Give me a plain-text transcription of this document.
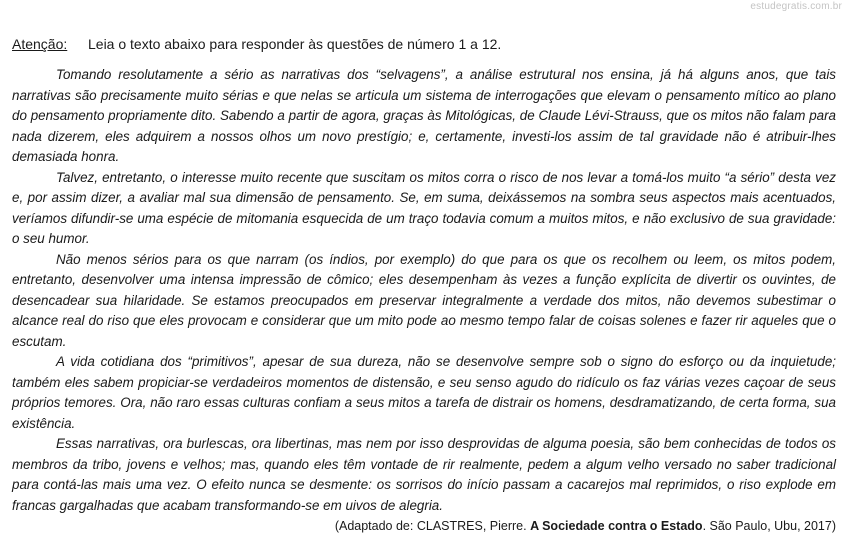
estudegratis.com.br
Atenção: Leia o texto abaixo para responder às questões de número 1 a 12.

Tomando resolutamente a sério as narrativas dos “selvagens”, a análise estrutural nos ensina, já há alguns anos, que tais narrativas são precisamente muito sérias e que nelas se articula um sistema de interrogações que elevam o pensamento mítico ao plano do pensamento propriamente dito. Sabendo a partir de agora, graças às Mitológicas, de Claude Lévi-Strauss, que os mitos não falam para nada dizerem, eles adquirem a nossos olhos um novo prestígio; e, certamente, investi-los assim de tal gravidade não é atribuir-lhes demasiada honra.

Talvez, entretanto, o interesse muito recente que suscitam os mitos corra o risco de nos levar a tomá-los muito “a sério” desta vez e, por assim dizer, a avaliar mal sua dimensão de pensamento. Se, em suma, deixássemos na sombra seus aspectos mais acentuados, veríamos difundir-se uma espécie de mitomania esquecida de um traço todavia comum a muitos mitos, e não exclusivo de sua gravidade: o seu humor.

Não menos sérios para os que narram (os índios, por exemplo) do que para os que os recolhem ou leem, os mitos podem, entretanto, desenvolver uma intensa impressão de cômico; eles desempenham às vezes a função explícita de divertir os ouvintes, de desencadear sua hilaridade. Se estamos preocupados em preservar integralmente a verdade dos mitos, não devemos subestimar o alcance real do riso que eles provocam e considerar que um mito pode ao mesmo tempo falar de coisas solenes e fazer rir aqueles que o escutam.

A vida cotidiana dos “primitivos”, apesar de sua dureza, não se desenvolve sempre sob o signo do esforço ou da inquietude; também eles sabem propiciar-se verdadeiros momentos de distensão, e seu senso agudo do ridículo os faz várias vezes caçoar de seus próprios temores. Ora, não raro essas culturas confiam a seus mitos a tarefa de distrair os homens, desdramatizando, de certa forma, sua existência.

Essas narrativas, ora burlescas, ora libertinas, mas nem por isso desprovidas de alguma poesia, são bem conhecidas de todos os membros da tribo, jovens e velhos; mas, quando eles têm vontade de rir realmente, pedem a algum velho versado no saber tradicional para contá-las mais uma vez. O efeito nunca se desmente: os sorrisos do início passam a cacarejos mal reprimidos, o riso explode em francas gargalhadas que acabam transformando-se em uivos de alegria.

(Adaptado de: CLASTRES, Pierre. A Sociedade contra o Estado. São Paulo, Ubu, 2017)
